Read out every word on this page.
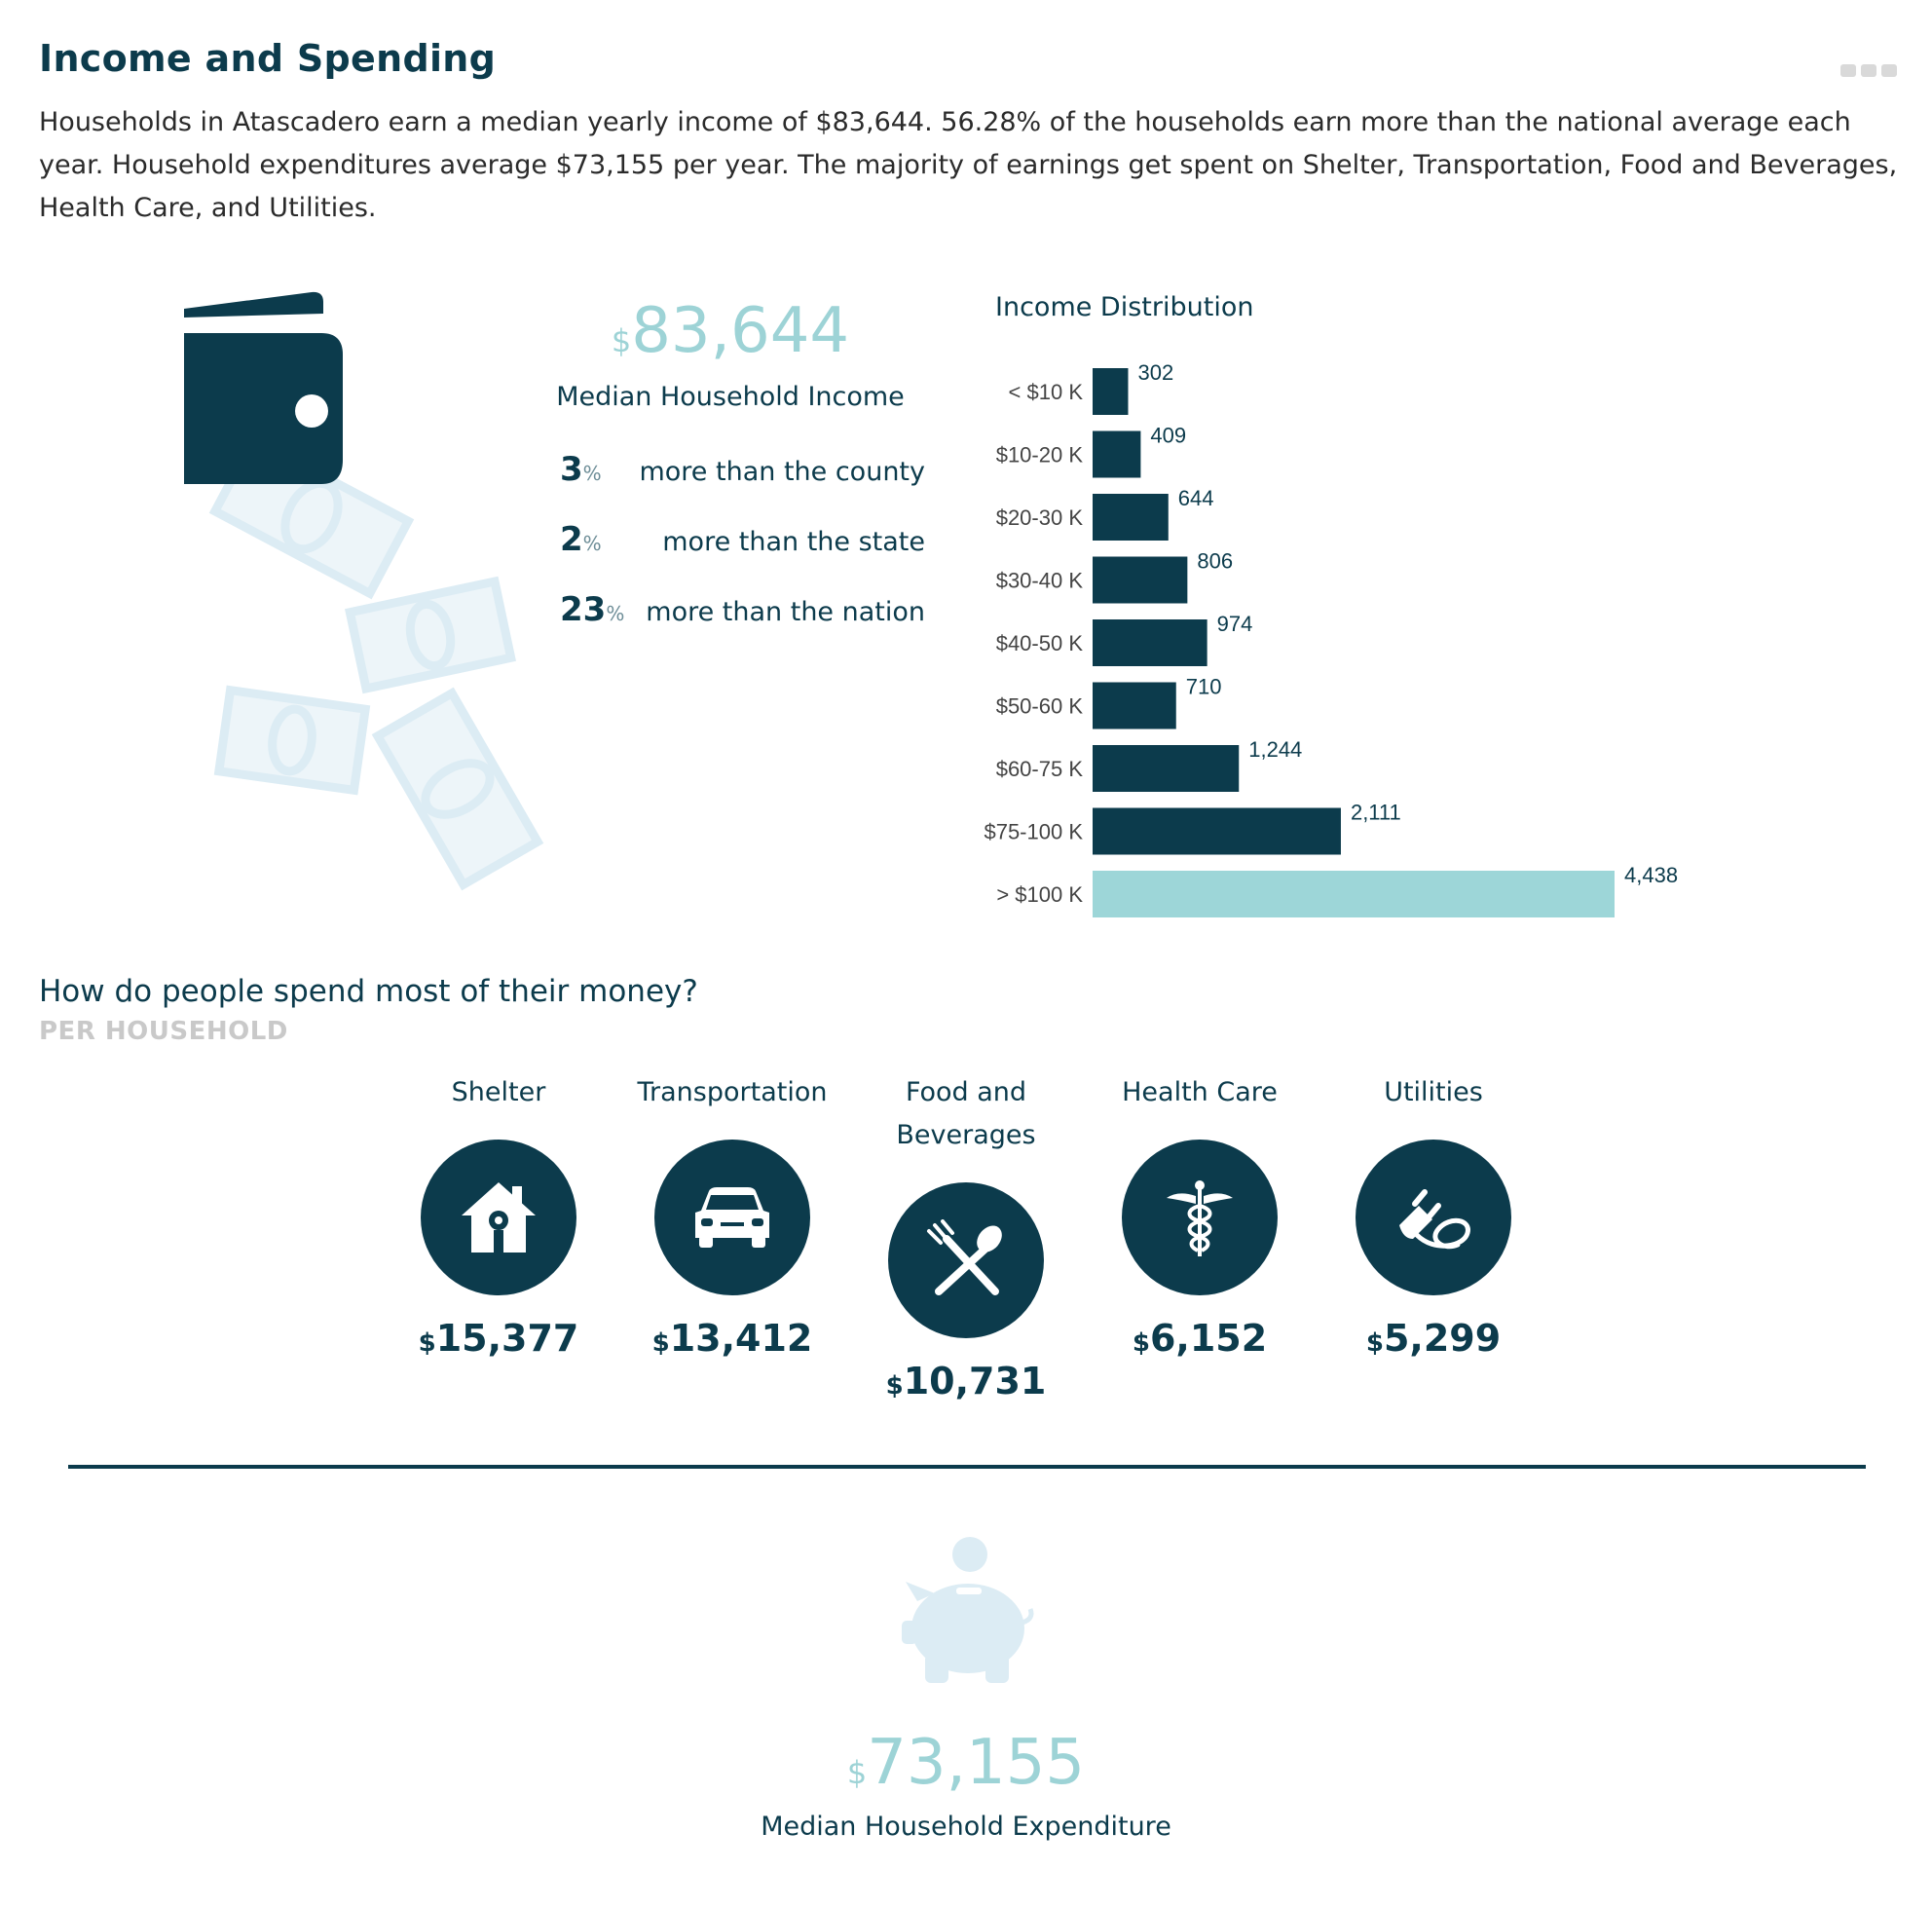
Income and Spending
Households in Atascadero earn a median yearly income of $83,644. 56.28% of the households earn more than the national average each year. Household expenditures average $73,155 per year. The majority of earnings get spent on Shelter, Transportation, Food and Beverages, Health Care, and Utilities.
$83,644
Median Household Income
3% more than the county
2% more than the state
23% more than the nation
Income Distribution
< $10 K
302
$10-20 K
409
$20-30 K
644
$30-40 K
806
$40-50 K
974
$50-60 K
710
$60-75 K
1,244
$75-100 K
2,111
> $100 K
4,438
How do people spend most of their money?
PER HOUSEHOLD
Shelter
$15,377
Transportation
$13,412
Food and Beverages
$10,731
Health Care
$6,152
Utilities
$5,299
$73,155
Median Household Expenditure
